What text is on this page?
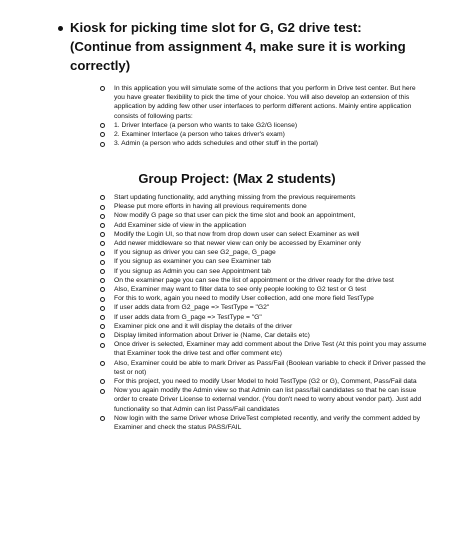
Kiosk for picking time slot for G, G2 drive test:
(Continue from assignment 4, make sure it is working
correctly)

In this application you will simulate some of the actions that you perform in Drive test center. But here you have greater flexibility to pick the time of your choice. You will also develop an extension of this application by adding few other user interfaces to perform different actions. Mainly entire application consists of following parts:
1. Driver Interface (a person who wants to take G2/G license)
2. Examiner Interface (a person who takes driver's exam)
3. Admin (a person who adds schedules and other stuff in the portal)
Group Project: (Max 2 students)
Start updating functionality, add anything missing from the previous requirements
Please put more efforts in having all previous requirements done
Now modify G page so that user can pick the time slot and book an appointment,
Add Examiner side of view in the application
Modify the Login UI, so that now from drop down user can select Examiner as well
Add newer middleware so that newer view can only be accessed by Examiner only
If you signup as driver you can see G2_page, G_page
If you signup as examiner you can see Examiner tab
If you signup as Admin you can see Appointment tab
On the examiner page you can see the list of appointment or the driver ready for the drive test
Also, Examiner may want to filter data to see only people looking to G2 test or G test
For this to work, again you need to modify User collection, add one more field TestType
If user adds data from G2_page => TestType = "G2"
If user adds data from G_page => TestType = "G"
Examiner pick one and it will display the details of the driver
Display limited information about Driver ie (Name, Car details etc)
Once driver is selected, Examiner may add comment about the Drive Test (At this point you may assume that Examiner took the drive test and offer comment etc)
Also, Examiner could be able to mark Driver as Pass/Fail (Boolean variable to check if Driver passed the test or not)
For this project, you need to modify User Model to hold TestType (G2 or G), Comment, Pass/Fail data
Now you again modify the Admin view so that Admin can list pass/fail candidates so that he can issue order to create Driver License to external vendor. (You don't need to worry about vendor part). Just add functionality so that Admin can list Pass/Fail candidates
Now login with the same Driver whose DriveTest completed recently, and verify the comment added by Examiner and check the status PASS/FAIL
